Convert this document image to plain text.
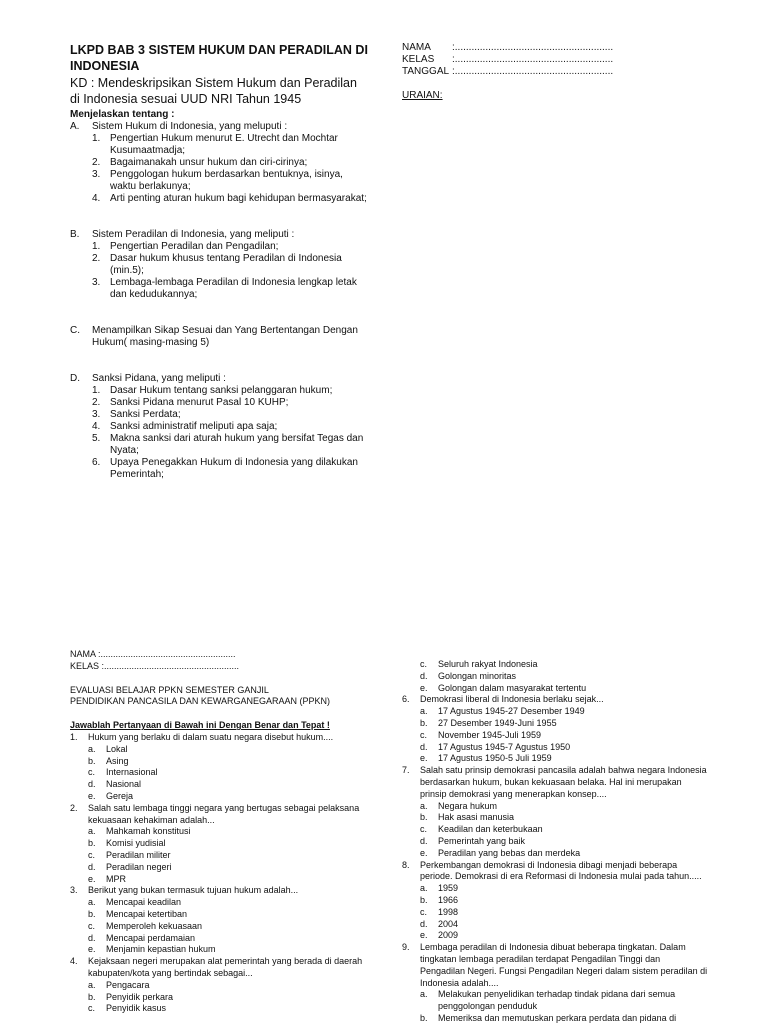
LKPD BAB 3 SISTEM HUKUM DAN PERADILAN DI INDONESIA
KD : Mendeskripsikan Sistem Hukum dan Peradilan di Indonesia sesuai UUD NRI Tahun 1945
Menjelaskan tentang :
A.	Sistem Hukum di Indonesia, yang meluputi :
1. Pengertian Hukum menurut E. Utrecht dan Mochtar Kusumaatmadja;
2. Bagaimanakah unsur hukum dan ciri-cirinya;
3. Penggologan hukum berdasarkan bentuknya, isinya, waktu berlakunya;
4. Arti penting aturan hukum bagi kehidupan bermasyarakat;
B.	Sistem Peradilan di Indonesia, yang meliputi :
1. Pengertian Peradilan dan Pengadilan;
2. Dasar hukum khusus tentang Peradilan di Indonesia (min.5);
3. Lembaga-lembaga Peradilan di Indonesia lengkap letak dan kedudukannya;
C.	Menampilkan Sikap Sesuai dan Yang Bertentangan Dengan Hukum( masing-masing 5)
D.	Sanksi Pidana, yang meliputi :
1. Dasar Hukum tentang sanksi pelanggaran hukum;
2. Sanksi Pidana menurut Pasal 10 KUHP;
3. Sanksi Perdata;
4. Sanksi administratif meliputi apa saja;
5. Makna sanksi dari aturah hukum yang bersifat Tegas dan Nyata;
6. Upaya Penegakkan Hukum di Indonesia yang dilakukan Pemerintah;
NAMA	:.........................................................
KELAS	:.........................................................
TANGGAL :.........................................................
URAIAN:
NAMA :......................................................
KELAS :......................................................
EVALUASI BELAJAR PPKN SEMESTER GANJIL
PENDIDIKAN PANCASILA DAN KEWARGANEGARAAN (PPKN)
Jawablah Pertanyaan di Bawah ini Dengan Benar dan Tepat !
1.	Hukum yang berlaku di dalam suatu negara disebut hukum....
a.	Lokal
b.	Asing
c.	Internasional
d.	Nasional
e.	Gereja
2.	Salah satu lembaga tinggi negara yang bertugas sebagai pelaksana
kekuasaan kehakiman adalah...
a.	Mahkamah konstitusi
b.	Komisi yudisial
c.	Peradilan militer
d.	Peradilan negeri
e.	MPR
3.	Berikut yang bukan termasuk tujuan hukum adalah...
a.	Mencapai keadilan
b.	Mencapai ketertiban
c.	Memperoleh kekuasaan
d.	Mencapai perdamaian
e.	Menjamin kepastian hukum
4.	Kejaksaan negeri merupakan alat pemerintah yang berada di daerah
kabupaten/kota yang bertindak sebagai...
a.	Pengacara
b.	Penyidik perkara
c.	Penyidik kasus
c.	Seluruh rakyat Indonesia
d.	Golongan minoritas
e.	Golongan dalam masyarakat tertentu
6.	Demokrasi liberal di Indonesia berlaku sejak...
a.	17 Agustus 1945-27 Desember 1949
b.	27 Desember 1949-Juni 1955
c.	November 1945-Juli 1959
d.	17 Agustus 1945-7 Agustus 1950
e.	17 Agustus 1950-5 Juli 1959
7.	Salah satu prinsip demokrasi pancasila adalah bahwa negara Indonesia
berdasarkan hukum, bukan kekuasaan belaka. Hal ini merupakan
prinsip demokrasi yang menerapkan konsep....
a.	Negara hukum
b.	Hak asasi manusia
c.	Keadilan dan keterbukaan
d.	Pemerintah yang baik
e.	Peradilan yang bebas dan merdeka
8.	Perkembangan demokrasi di Indonesia dibagi menjadi beberapa
periode. Demokrasi di era Reformasi di Indonesia mulai pada tahun.....
a.	1959
b.	1966
c.	1998
d.	2004
e.	2009
9.	Lembaga peradilan di Indonesia dibuat beberapa tingkatan. Dalam
tingkatan lembaga peradilan terdapat Pengadilan Tinggi dan
Pengadilan Negeri. Fungsi Pengadilan Negeri dalam sistem peradilan di
Indonesia adalah....
a.	Melakukan penyelidikan terhadap tindak pidana dari semua
penggolongan penduduk
b.	Memeriksa dan memutuskan perkara perdata dan pidana di
